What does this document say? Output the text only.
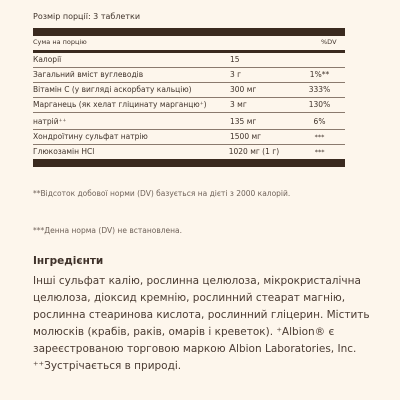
Розмір порції: 3 таблетки
Сума на порцію	%DV
Калорії	15
Загальний вміст вуглеводів	3 г	1%**
Вітамін С (у вигляді аскорбату кальцію)	300 мг	333%
Марганець (як хелат гліцинату марганцю⁺)	3 мг	130%
натрій⁺⁺	135 мг	6%
Хондроїтину сульфат натрію	1500 мг	***
Глюкозамін HCl	1020 мг (1 г)	***
**Відсоток добової норми (DV) базується на дієті з 2000 калорій.
***Денна норма (DV) не встановлена.
Інгредієнти
Інші сульфат калію, рослинна целюлоза, мікрокристалічна целюлоза, діоксид кремнію, рослинний стеарат магнію, рослинна стеаринова кислота, рослинний гліцерин. Містить молюсків (крабів, раків, омарів і креветок). ⁺Albion® є зареєстрованою торговою маркою Albion Laboratories, Inc. ⁺⁺Зустрічається в природі.
